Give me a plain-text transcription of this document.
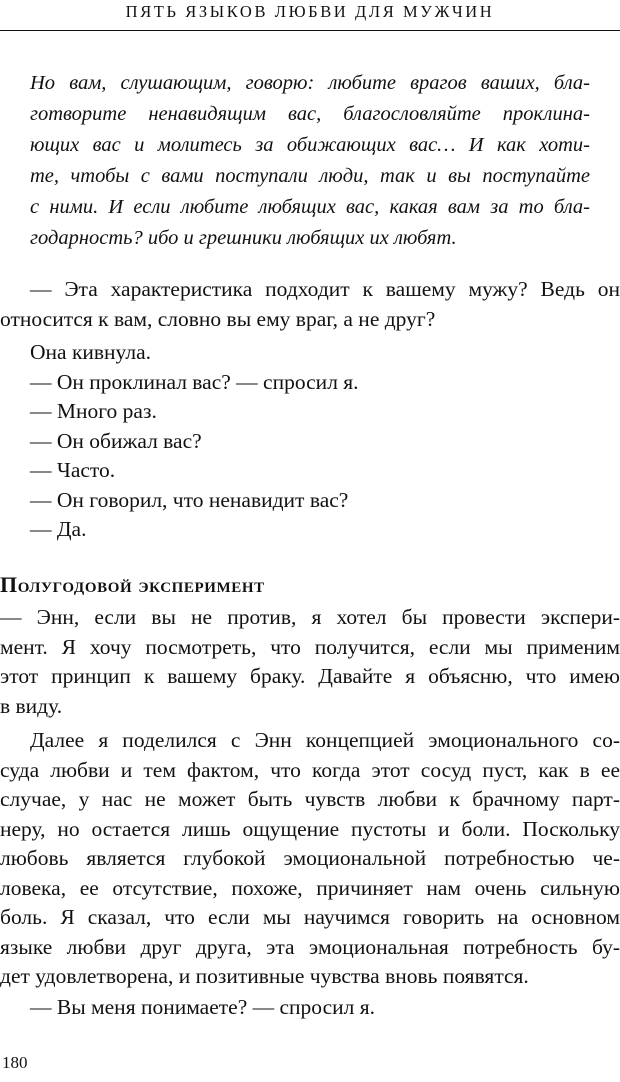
ПЯТЬ ЯЗЫКОВ ЛЮБВИ ДЛЯ МУЖЧИН
Но вам, слушающим, говорю: любите врагов ваших, бла-
готворите ненавидящим вас, благословляйте проклина-
ющих вас и молитесь за обижающих вас… И как хоти-
те, чтобы с вами поступали люди, так и вы поступайте
с ними. И если любите любящих вас, какая вам за то бла-
годарность? ибо и грешники любящих их любят.
— Эта характеристика подходит к вашему мужу? Ведь он
относится к вам, словно вы ему враг, а не друг?
Она кивнула.
— Он проклинал вас? — спросил я.
— Много раз.
— Он обижал вас?
— Часто.
— Он говорил, что ненавидит вас?
— Да.
Полугодовой эксперимент
— Энн, если вы не против, я хотел бы провести экспери-
мент. Я хочу посмотреть, что получится, если мы применим
этот принцип к вашему браку. Давайте я объясню, что имею
в виду.
Далее я поделился с Энн концепцией эмоционального со-
суда любви и тем фактом, что когда этот сосуд пуст, как в ее
случае, у нас не может быть чувств любви к брачному парт-
неру, но остается лишь ощущение пустоты и боли. Поскольку
любовь является глубокой эмоциональной потребностью че-
ловека, ее отсутствие, похоже, причиняет нам очень сильную
боль. Я сказал, что если мы научимся говорить на основном
языке любви друг друга, эта эмоциональная потребность бу-
дет удовлетворена, и позитивные чувства вновь появятся.
— Вы меня понимаете? — спросил я.
180
